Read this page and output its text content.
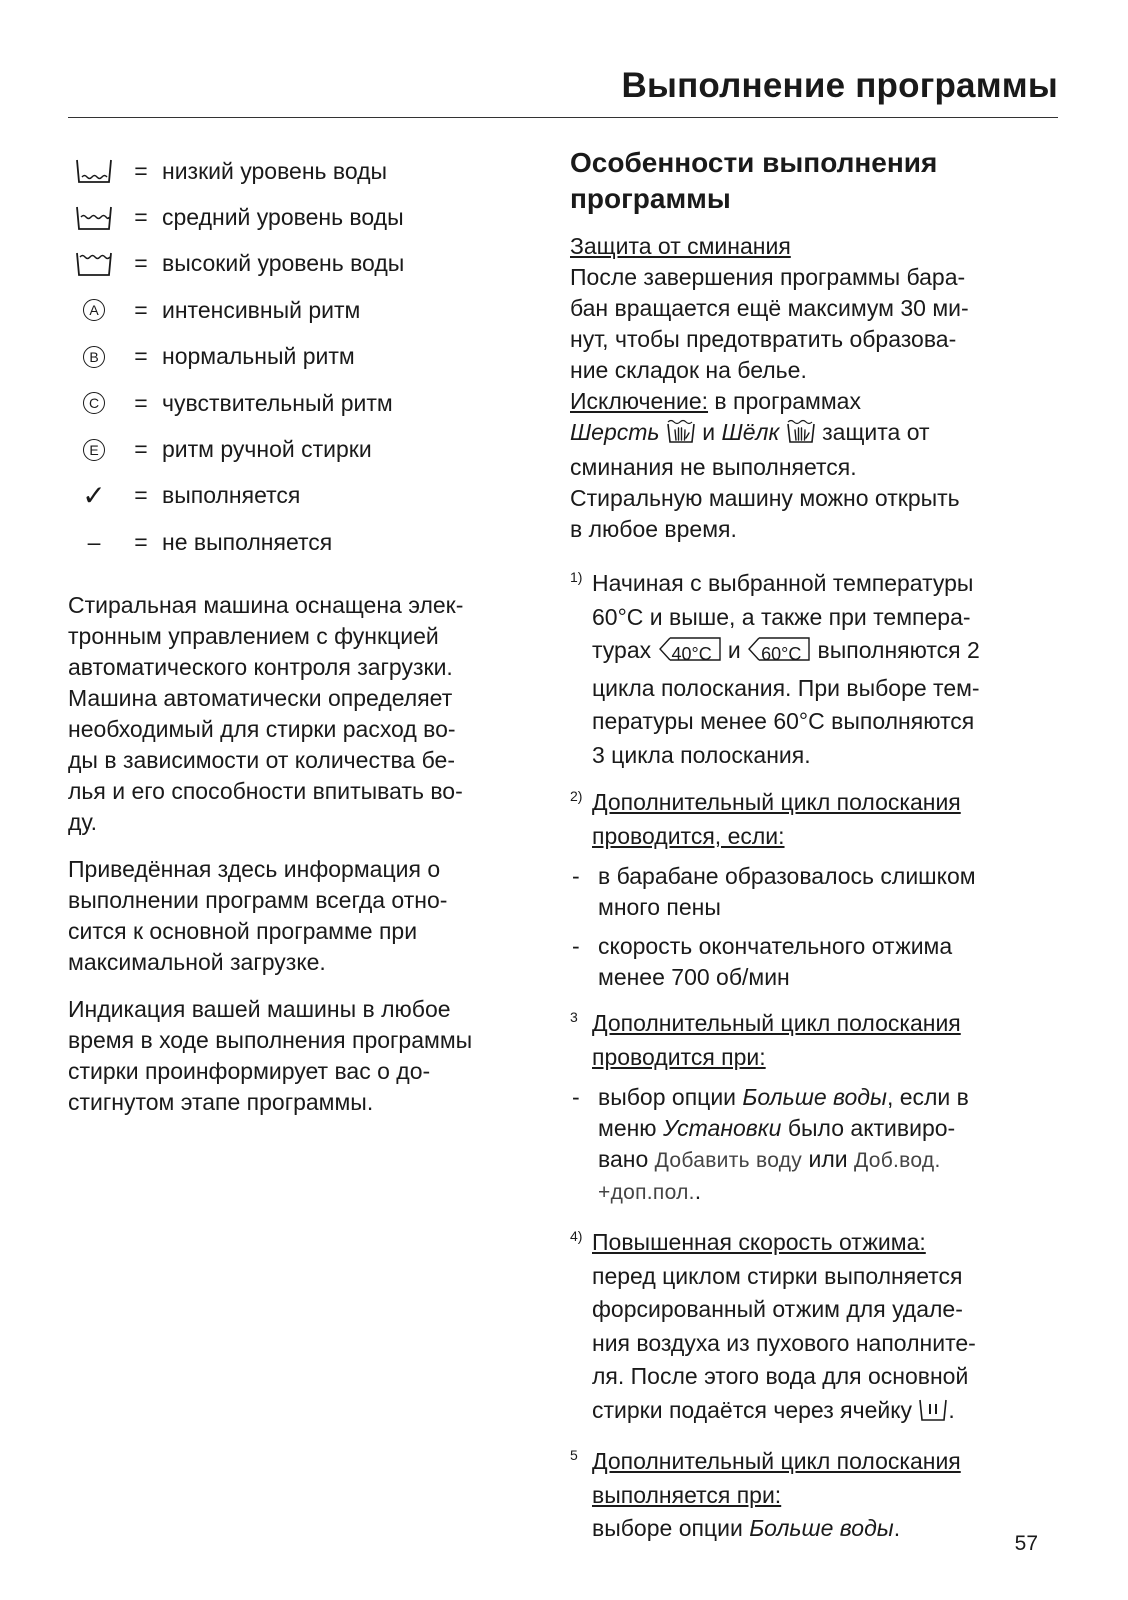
Выполнение программы
= низкий уровень воды
= средний уровень воды
= высокий уровень воды
A	= интенсивный ритм
B	= нормальный ритм
C	= чувствительный ритм
E	= ритм ручной стирки
✓	= выполняется
–	= не выполняется
Стиральная машина оснащена элек-
тронным управлением с функцией
автоматического контроля загрузки.
Машина автоматически определяет
необходимый для стирки расход во-
ды в зависимости от количества бе-
лья и его способности впитывать во-
ду.
Приведённая здесь информация о
выполнении программ всегда отно-
сится к основной программе при
максимальной загрузке.
Индикация вашей машины в любое
время в ходе выполнения программы
стирки проинформирует вас о до-
стигнутом этапе программы.
Особенности выполнения
программы
Защита от сминания
После завершения программы бара-
бан вращается ещё максимум 30 ми-
нут, чтобы предотвратить образова-
ние складок на белье.
Исключение: в программах
Шерсть  и Шёлк  защита от
сминания не выполняется.
Стиральную машину можно открыть
в любое время.
1) Начиная с выбранной температуры
60°C и выше, а также при темпера-
турах 40°C и 60°C выполняются 2
цикла полоскания. При выборе тем-
пературы менее 60°C выполняются
3 цикла полоскания.
2) Дополнительный цикл полоскания
проводится, если:
- в барабане образовалось слишком
много пены
- скорость окончательного отжима
менее 700 об/мин
3 Дополнительный цикл полоскания
проводится при:
- выбор опции Больше воды, если в
меню Установки было активиро-
вано Добавить воду или Доб.вод.
+доп.пол..
4) Повышенная скорость отжима:
перед циклом стирки выполняется
форсированный отжим для удале-
ния воздуха из пухового наполните-
ля. После этого вода для основной
стирки подаётся через ячейку .
5 Дополнительный цикл полоскания
выполняется при:
выборе опции Больше воды.
57
